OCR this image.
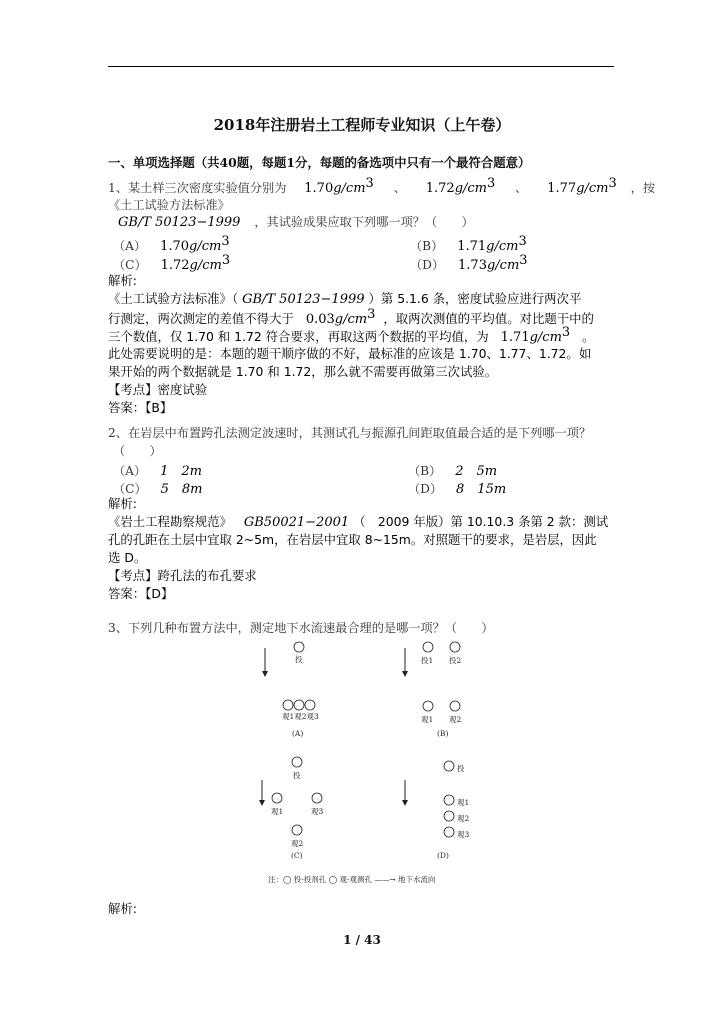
2018年注册岩土工程师专业知识（上午卷）
一、单项选择题（共40题，每题1分，每题的备选项中只有一个最符合题意）
1、某土样三次密度实验值分别为 $1.70g/cm^3$ 、 $1.72g/cm^3$ 、 $1.77g/cm^3$ ，按
《土工试验方法标准》
GB/T 50123−1999 ，其试验成果应取下列哪一项？（　　）
（A） $1.70g/cm^3$	（B） $1.71g/cm^3$
（C） $1.72g/cm^3$	（D） $1.73g/cm^3$
解析:
《土工试验方法标准》（ GB/T 50123−1999 ）第 5.1.6 条，密度试验应进行两次平
行测定，两次测定的差值不得大于 $0.03g/cm^3$ ，取两次测值的平均值。对比题干中的
三个数值，仅 1.70 和 1.72 符合要求，再取这两个数据的平均值，为 $1.71g/cm^3$ 。
此处需要说明的是：本题的题干顺序做的不好，最标准的应该是 1.70、1.77、1.72。如
果开始的两个数据就是 1.70 和 1.72，那么就不需要再做第三次试验。
【考点】密度试验
答案：【B】
2、在岩层中布置跨孔法测定波速时，其测试孔与振源孔间距取值最合适的是下列哪一项？
（　　）
（A） 1　2m	（B） 2　5m
（C） 5　8m	（D） 8　15m
解析:
《岩土工程勘察规范》 GB50021−2001 （　2009 年版）第 10.10.3 条第 2 款：测试
孔的孔距在土层中宜取 2~5m，在岩层中宜取 8~15m。对照题干的要求，是岩层，因此
选 D。
【考点】跨孔法的布孔要求
答案：【D】
3、下列几种布置方法中，测定地下水流速最合理的是哪一项？（　　）
投
观1观2观3
(A)
投1 投2
观1 观2
(B)
投
观1	观3
观2
(C)
投
观1
观2
观3
(D)
注：◯ 投-投剂孔 ◯ 观-观测孔 ——→ 地下水流向
解析:
1 / 43
